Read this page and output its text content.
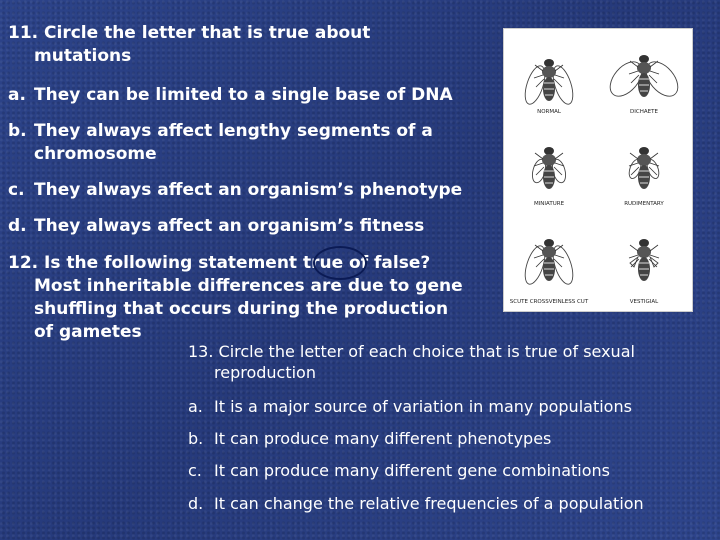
11. Circle the letter that is true about
mutations
a. They can be limited to a single base of DNA
b. They always affect lengthy segments of a
chromosome
c. They always affect an organism’s phenotype
d. They always affect an organism’s fitness
12. Is the following statement true of false?
Most inheritable differences are due to gene
shuffling that occurs during the production
of gametes
NORMAL	DICHAETE
MINIATURE	RUDIMENTARY
SCUTE CROSSVEINLESS CUT	VESTIGIAL
13. Circle the letter of each choice that is true of sexual
reproduction
a. It is a major source of variation in many populations
b. It can produce many different phenotypes
c. It can produce many different gene combinations
d. It can change the relative frequencies of a population
